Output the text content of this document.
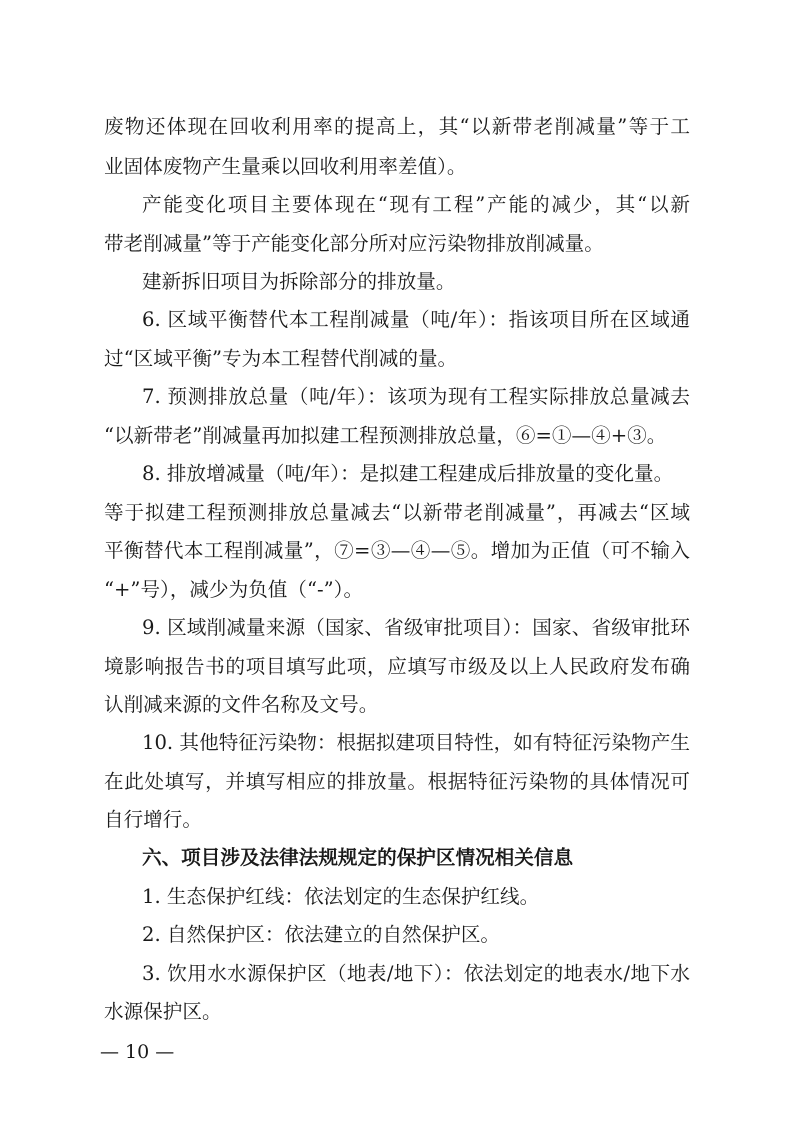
废物还体现在回收利用率的提高上，其“以新带老削减量”等于工
业固体废物产生量乘以回收利用率差值）。
产能变化项目主要体现在“现有工程”产能的减少，其“以新
带老削减量”等于产能变化部分所对应污染物排放削减量。
建新拆旧项目为拆除部分的排放量。
6. 区域平衡替代本工程削减量（吨/年）：指该项目所在区域通
过“区域平衡”专为本工程替代削减的量。
7. 预测排放总量（吨/年）：该项为现有工程实际排放总量减去
“以新带老”削减量再加拟建工程预测排放总量，⑥=①—④+③。
8. 排放增减量（吨/年）：是拟建工程建成后排放量的变化量。
等于拟建工程预测排放总量减去“以新带老削减量”，再减去“区域
平衡替代本工程削减量”，⑦=③—④—⑤。增加为正值（可不输入
“+”号），减少为负值（“-”）。
9. 区域削减量来源（国家、省级审批项目）：国家、省级审批环
境影响报告书的项目填写此项，应填写市级及以上人民政府发布确
认削减来源的文件名称及文号。
10. 其他特征污染物：根据拟建项目特性，如有特征污染物产生
在此处填写，并填写相应的排放量。根据特征污染物的具体情况可
自行增行。
六、项目涉及法律法规规定的保护区情况相关信息
1. 生态保护红线：依法划定的生态保护红线。
2. 自然保护区：依法建立的自然保护区。
3. 饮用水水源保护区（地表/地下）：依法划定的地表水/地下水
水源保护区。
— 10 —
